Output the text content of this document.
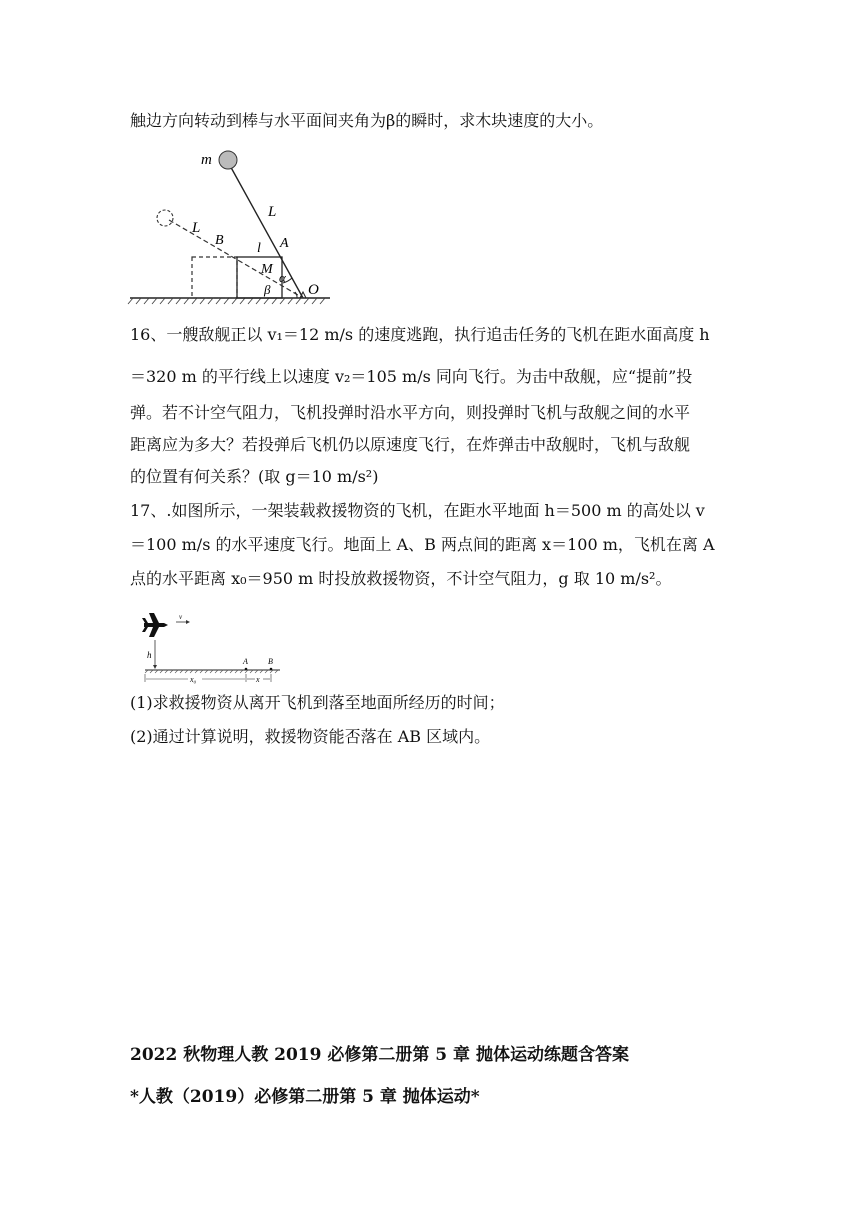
触边方向转动到棒与水平面间夹角为β的瞬时，求木块速度的大小。
m
L
A
L
B
l
M
α
β	O
16、一艘敌舰正以 v₁＝12 m/s 的速度逃跑，执行追击任务的飞机在距水面高度 h
＝320 m 的平行线上以速度 v₂＝105 m/s 同向飞行。为击中敌舰，应“提前”投
弹。若不计空气阻力，飞机投弹时沿水平方向，则投弹时飞机与敌舰之间的水平
距离应为多大？若投弹后飞机仍以原速度飞行，在炸弹击中敌舰时，飞机与敌舰
的位置有何关系？(取 g＝10 m/s²)
17、.如图所示，一架装载救援物资的飞机，在距水平地面 h＝500 m 的高处以 v
＝100 m/s 的水平速度飞行。地面上 A、B 两点间的距离 x＝100 m，飞机在离 A
点的水平距离 x₀＝950 m 时投放救援物资，不计空气阻力，g 取 10 m/s²。
v
h
A	B
x₀	x
(1)求救援物资从离开飞机到落至地面所经历的时间；
(2)通过计算说明，救援物资能否落在 AB 区域内。
2022 秋物理人教 2019 必修第二册第 5 章 抛体运动练题含答案
*人教（2019）必修第二册第 5 章 抛体运动*
